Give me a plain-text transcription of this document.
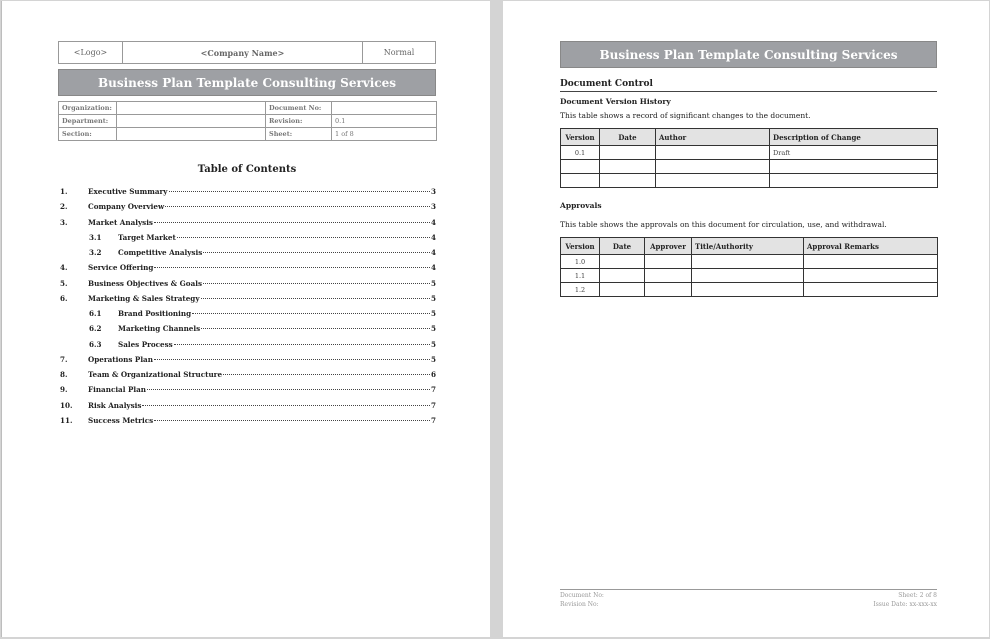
<Logo>	<Company Name>	Normal
Business Plan Template Consulting Services
Organization:		Document No:	
Department:		Revision:	0.1
Section:		Sheet:	1 of 8
Table of Contents
1.	Executive Summary	3
2.	Company Overview	3
3.	Market Analysis	4
3.1	Target Market	4
3.2	Competitive Analysis	4
4.	Service Offering	4
5.	Business Objectives & Goals	5
6.	Marketing & Sales Strategy	5
6.1	Brand Positioning	5
6.2	Marketing Channels	5
6.3	Sales Process	5
7.	Operations Plan	5
8.	Team & Organizational Structure	6
9.	Financial Plan	7
10.	Risk Analysis	7
11.	Success Metrics	7
Business Plan Template Consulting Services
Document Control
Document Version History
This table shows a record of significant changes to the document.
Version	Date	Author	Description of Change
0.1			Draft

Approvals
This table shows the approvals on this document for circulation, use, and withdrawal.
Version	Date	Approver	Title/Authority	Approval Remarks
1.0				
1.1				
1.2				
Document No:
Revision No:
Sheet: 2 of 8
Issue Date: xx-xxx-xx
